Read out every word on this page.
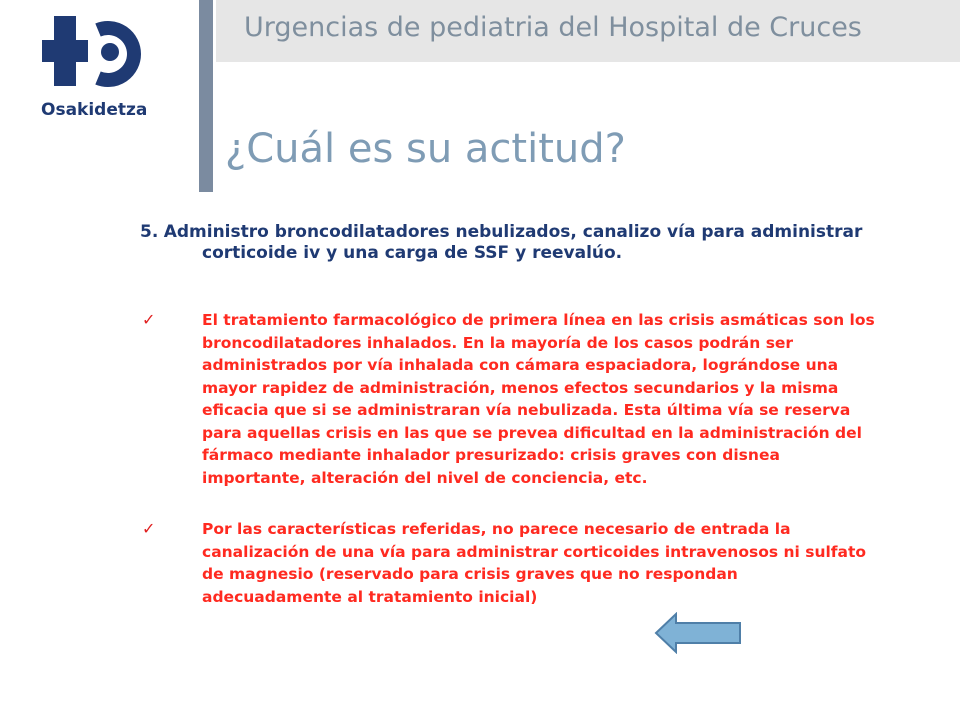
Urgencias de pediatria del Hospital de Cruces
Osakidetza
¿Cuál es su actitud?
5. Administro broncodilatadores nebulizados, canalizo vía para administrar corticoide iv y una carga de SSF y reevalúo.
✓	El tratamiento farmacológico de primera línea en las crisis asmáticas son los broncodilatadores inhalados. En la mayoría de los casos podrán ser administrados por vía inhalada con cámara espaciadora, lográndose una mayor rapidez de administración, menos efectos secundarios y la misma eficacia que si se administraran vía nebulizada. Esta última vía se reserva para aquellas crisis en las que se prevea dificultad en la administración del fármaco mediante inhalador presurizado: crisis graves con disnea importante, alteración del nivel de conciencia, etc.
✓	Por las características referidas, no parece necesario de entrada la canalización de una vía para administrar corticoides intravenosos ni sulfato de magnesio (reservado para crisis graves que no respondan adecuadamente al tratamiento inicial)
